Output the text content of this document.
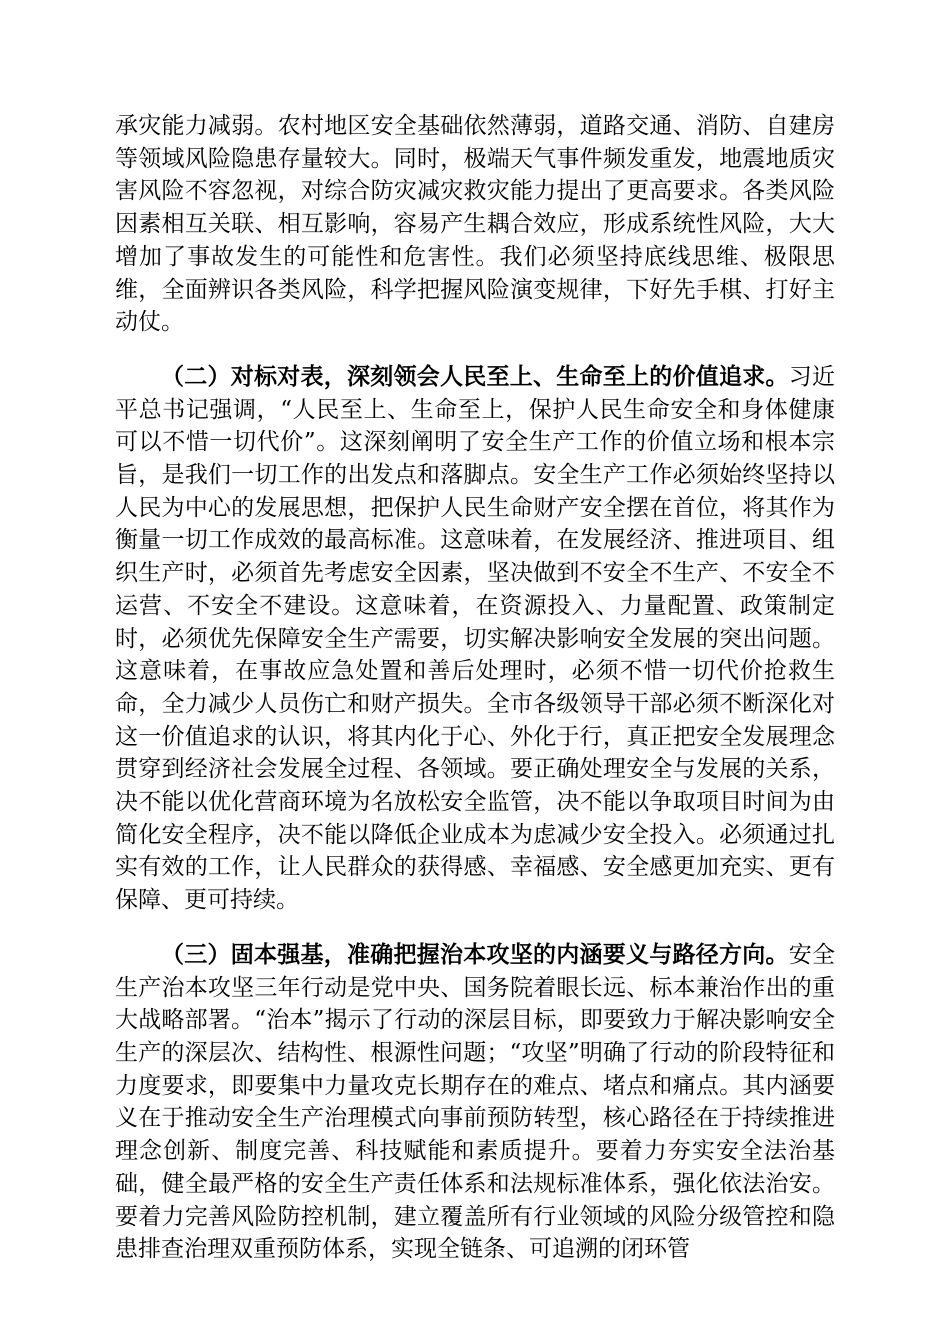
承灾能力减弱。农村地区安全基础依然薄弱，道路交通、消防、自建房等领域风险隐患存量较大。同时，极端天气事件频发重发，地震地质灾害风险不容忽视，对综合防灾减灾救灾能力提出了更高要求。各类风险因素相互关联、相互影响，容易产生耦合效应，形成系统性风险，大大增加了事故发生的可能性和危害性。我们必须坚持底线思维、极限思维，全面辨识各类风险，科学把握风险演变规律，下好先手棋、打好主动仗。

（二）对标对表，深刻领会人民至上、生命至上的价值追求。习近平总书记强调，“人民至上、生命至上，保护人民生命安全和身体健康可以不惜一切代价”。这深刻阐明了安全生产工作的价值立场和根本宗旨，是我们一切工作的出发点和落脚点。安全生产工作必须始终坚持以人民为中心的发展思想，把保护人民生命财产安全摆在首位，将其作为衡量一切工作成效的最高标准。这意味着，在发展经济、推进项目、组织生产时，必须首先考虑安全因素，坚决做到不安全不生产、不安全不运营、不安全不建设。这意味着，在资源投入、力量配置、政策制定时，必须优先保障安全生产需要，切实解决影响安全发展的突出问题。这意味着，在事故应急处置和善后处理时，必须不惜一切代价抢救生命，全力减少人员伤亡和财产损失。全市各级领导干部必须不断深化对这一价值追求的认识，将其内化于心、外化于行，真正把安全发展理念贯穿到经济社会发展全过程、各领域。要正确处理安全与发展的关系，决不能以优化营商环境为名放松安全监管，决不能以争取项目时间为由简化安全程序，决不能以降低企业成本为虑减少安全投入。必须通过扎实有效的工作，让人民群众的获得感、幸福感、安全感更加充实、更有保障、更可持续。

（三）固本强基，准确把握治本攻坚的内涵要义与路径方向。安全生产治本攻坚三年行动是党中央、国务院着眼长远、标本兼治作出的重大战略部署。“治本”揭示了行动的深层目标，即要致力于解决影响安全生产的深层次、结构性、根源性问题；“攻坚”明确了行动的阶段特征和力度要求，即要集中力量攻克长期存在的难点、堵点和痛点。其内涵要义在于推动安全生产治理模式向事前预防转型，核心路径在于持续推进理念创新、制度完善、科技赋能和素质提升。要着力夯实安全法治基础，健全最严格的安全生产责任体系和法规标准体系，强化依法治安。要着力完善风险防控机制，建立覆盖所有行业领域的风险分级管控和隐患排查治理双重预防体系，实现全链条、可追溯的闭环管
